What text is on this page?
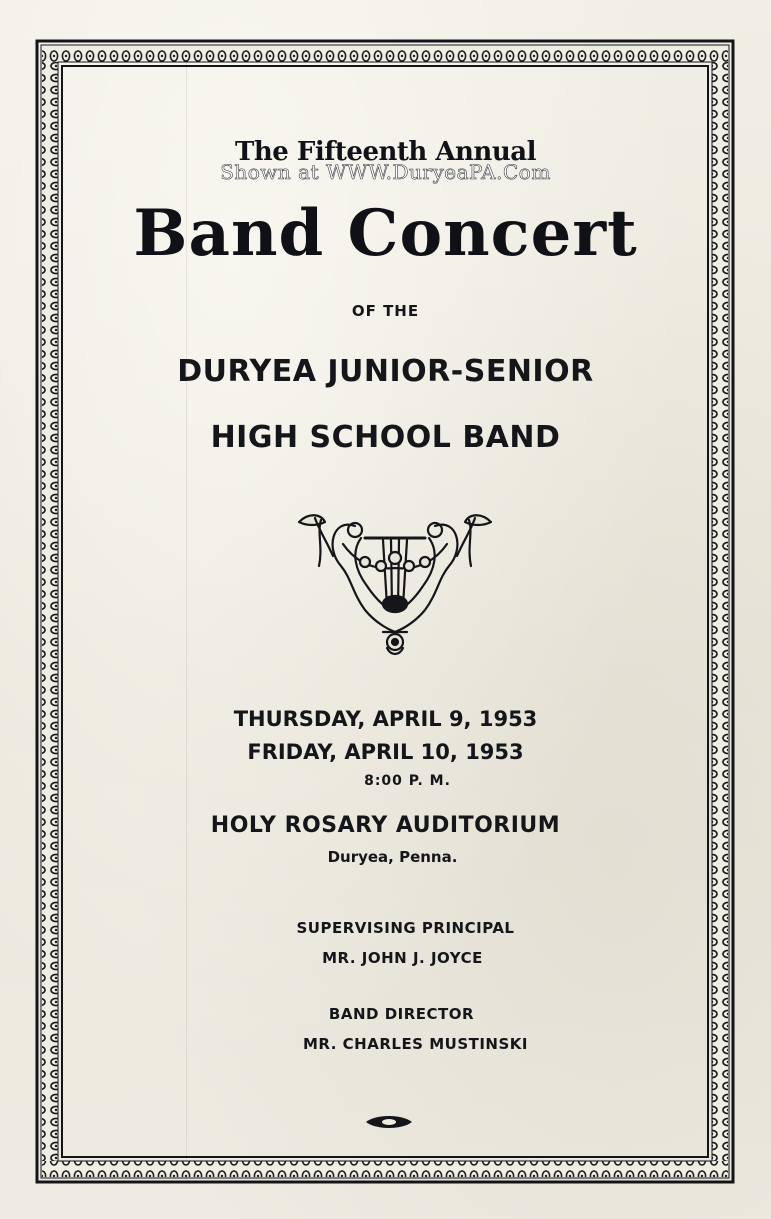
The Fifteenth Annual
Shown at WWW.DuryeaPA.Com
Band Concert
OF THE
DURYEA JUNIOR-SENIOR
HIGH SCHOOL BAND
THURSDAY, APRIL 9, 1953
FRIDAY, APRIL 10, 1953
8:00 P. M.
HOLY ROSARY AUDITORIUM
Duryea, Penna.
SUPERVISING PRINCIPAL
MR. JOHN J. JOYCE
BAND DIRECTOR
MR. CHARLES MUSTINSKI
